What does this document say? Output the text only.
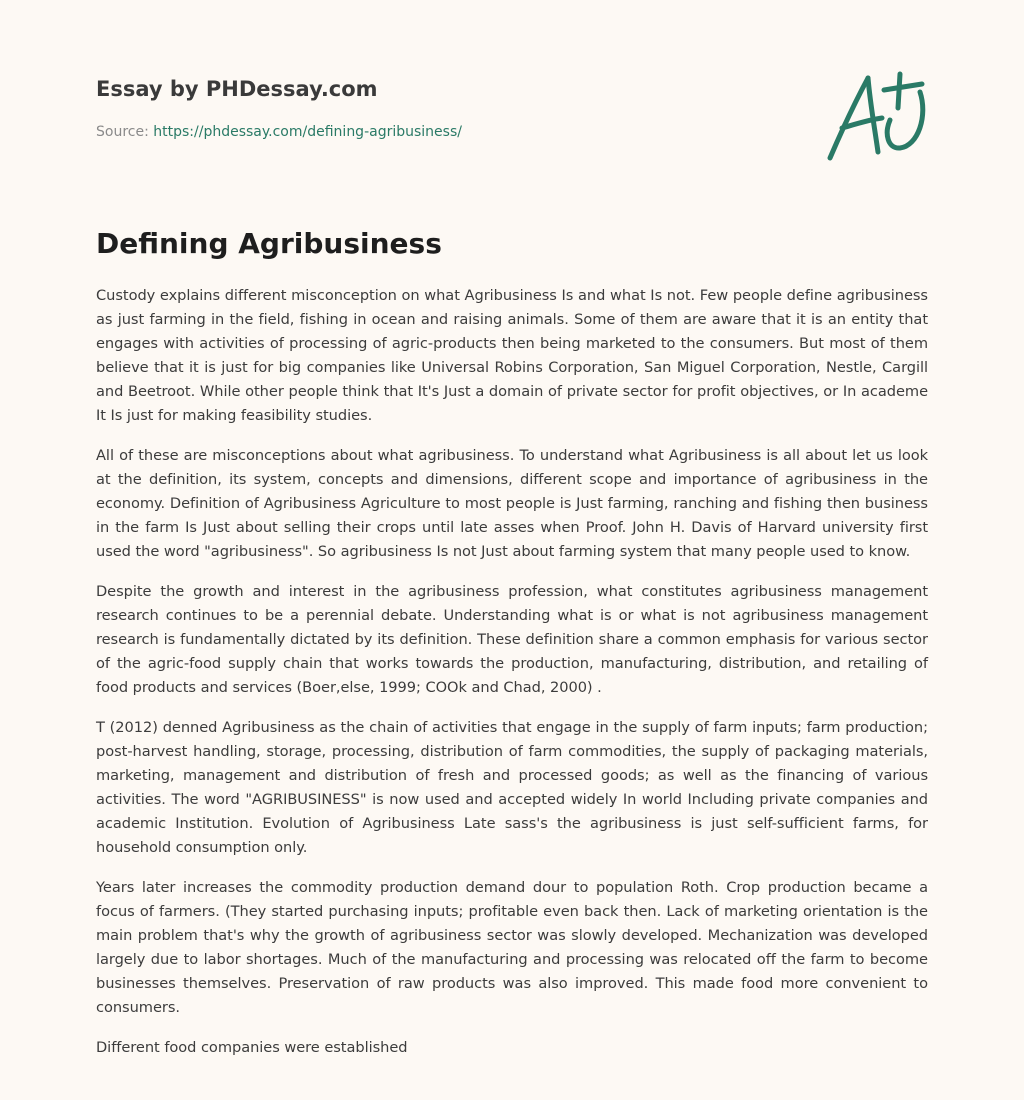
Essay by PHDessay.com
Source: https://phdessay.com/defining-agribusiness/
Defining Agribusiness

Custody explains different misconception on what Agribusiness Is and what Is not. Few people define agribusiness as just farming in the field, fishing in ocean and raising animals. Some of them are aware that it is an entity that engages with activities of processing of agric-products then being marketed to the consumers. But most of them believe that it is just for big companies like Universal Robins Corporation, San Miguel Corporation, Nestle, Cargill and Beetroot. While other people think that It's Just a domain of private sector for profit objectives, or In academe It Is just for making feasibility studies.

All of these are misconceptions about what agribusiness. To understand what Agribusiness is all about let us look at the definition, its system, concepts and dimensions, different scope and importance of agribusiness in the economy. Definition of Agribusiness Agriculture to most people is Just farming, ranching and fishing then business in the farm Is Just about selling their crops until late asses when Proof. John H. Davis of Harvard university first used the word "agribusiness". So agribusiness Is not Just about farming system that many people used to know.

Despite the growth and interest in the agribusiness profession, what constitutes agribusiness management research continues to be a perennial debate. Understanding what is or what is not agribusiness management research is fundamentally dictated by its definition. These definition share a common emphasis for various sector of the agric-food supply chain that works towards the production, manufacturing, distribution, and retailing of food products and services (Boer,else, 1999; COOk and Chad, 2000) .

T (2012) denned Agribusiness as the chain of activities that engage in the supply of farm inputs; farm production; post-harvest handling, storage, processing, distribution of farm commodities, the supply of packaging materials, marketing, management and distribution of fresh and processed goods; as well as the financing of various activities. The word "AGRIBUSINESS" is now used and accepted widely In world Including private companies and academic Institution. Evolution of Agribusiness Late sass's the agribusiness is just self-sufficient farms, for household consumption only.

Years later increases the commodity production demand dour to population Roth. Crop production became a focus of farmers. (They started purchasing inputs; profitable even back then. Lack of marketing orientation is the main problem that's why the growth of agribusiness sector was slowly developed. Mechanization was developed largely due to labor shortages. Much of the manufacturing and processing was relocated off the farm to become businesses themselves. Preservation of raw products was also improved. This made food more convenient to consumers.

Different food companies were established
